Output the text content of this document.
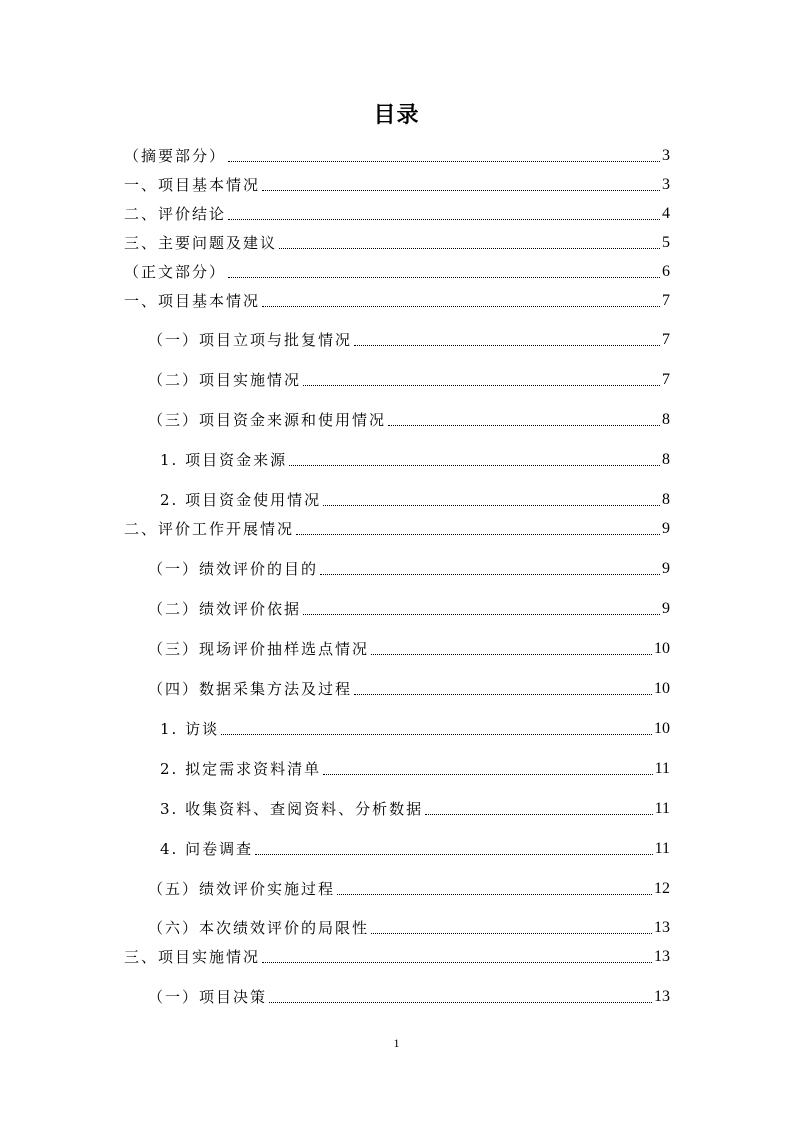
目录
（摘要部分）	3
一、项目基本情况	3
二、评价结论	4
三、主要问题及建议	5
（正文部分）	6
一、项目基本情况	7
（一）项目立项与批复情况	7
（二）项目实施情况	7
（三）项目资金来源和使用情况	8
1. 项目资金来源	8
2. 项目资金使用情况	8
二、评价工作开展情况	9
（一）绩效评价的目的	9
（二）绩效评价依据	9
（三）现场评价抽样选点情况	10
（四）数据采集方法及过程	10
1. 访谈	10
2. 拟定需求资料清单	11
3. 收集资料、查阅资料、分析数据	11
4. 问卷调查	11
（五）绩效评价实施过程	12
（六）本次绩效评价的局限性	13
三、项目实施情况	13
（一）项目决策	13
1
